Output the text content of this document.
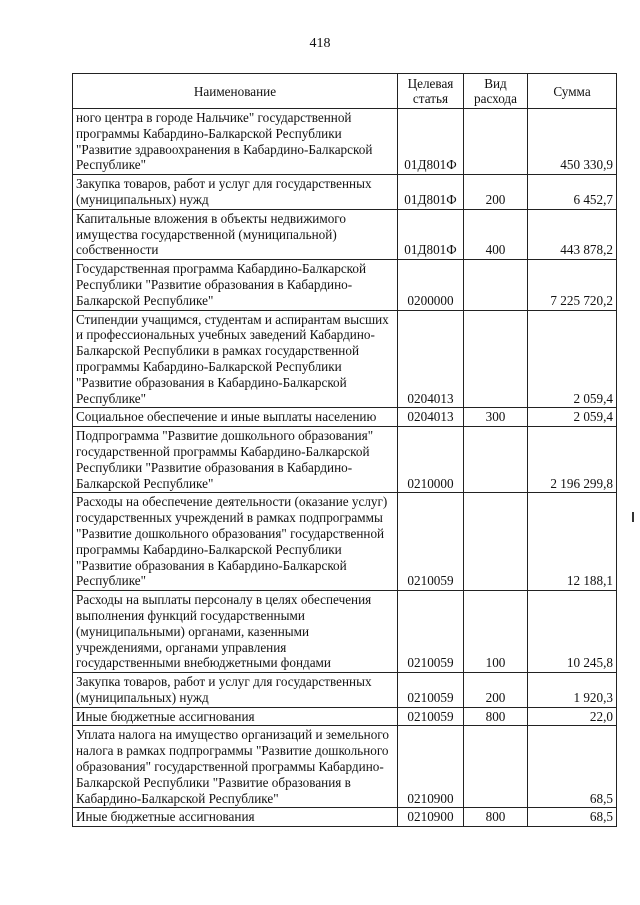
418
Наименование	Целевая статья	Вид расхода	Сумма
ного центра в городе Нальчике" государственной программы Кабардино-Балкарской Республики "Развитие здравоохранения в Кабардино-Балкарской Республике"	01Д801Ф		450 330,9
Закупка товаров, работ и услуг для государственных (муниципальных) нужд	01Д801Ф	200	6 452,7
Капитальные вложения в объекты недвижимого имущества государственной (муниципальной) собственности	01Д801Ф	400	443 878,2
Государственная программа Кабардино-Балкарской Республики "Развитие образования в Кабардино-Балкарской Республике"	0200000		7 225 720,2
Стипендии учащимся, студентам и аспирантам высших и профессиональных учебных заведений Кабардино-Балкарской Республики в рамках государственной программы Кабардино-Балкарской Республики "Развитие образования в Кабардино-Балкарской Республике"	0204013		2 059,4
Социальное обеспечение и иные выплаты населению	0204013	300	2 059,4
Подпрограмма "Развитие дошкольного образования" государственной программы Кабардино-Балкарской Республики "Развитие образования в Кабардино-Балкарской Республике"	0210000		2 196 299,8
Расходы на обеспечение деятельности (оказание услуг) государственных учреждений в рамках подпрограммы "Развитие дошкольного образования" государственной программы Кабардино-Балкарской Республики "Развитие образования в Кабардино-Балкарской Республике"	0210059		12 188,1
Расходы на выплаты персоналу в целях обеспечения выполнения функций государственными (муниципальными) органами, казенными учреждениями, органами управления государственными внебюджетными фондами	0210059	100	10 245,8
Закупка товаров, работ и услуг для государственных (муниципальных) нужд	0210059	200	1 920,3
Иные бюджетные ассигнования	0210059	800	22,0
Уплата налога на имущество организаций и земельного налога в рамках подпрограммы "Развитие дошкольного образования" государственной программы Кабардино-Балкарской Республики "Развитие образования в Кабардино-Балкарской Республике"	0210900		68,5
Иные бюджетные ассигнования	0210900	800	68,5
